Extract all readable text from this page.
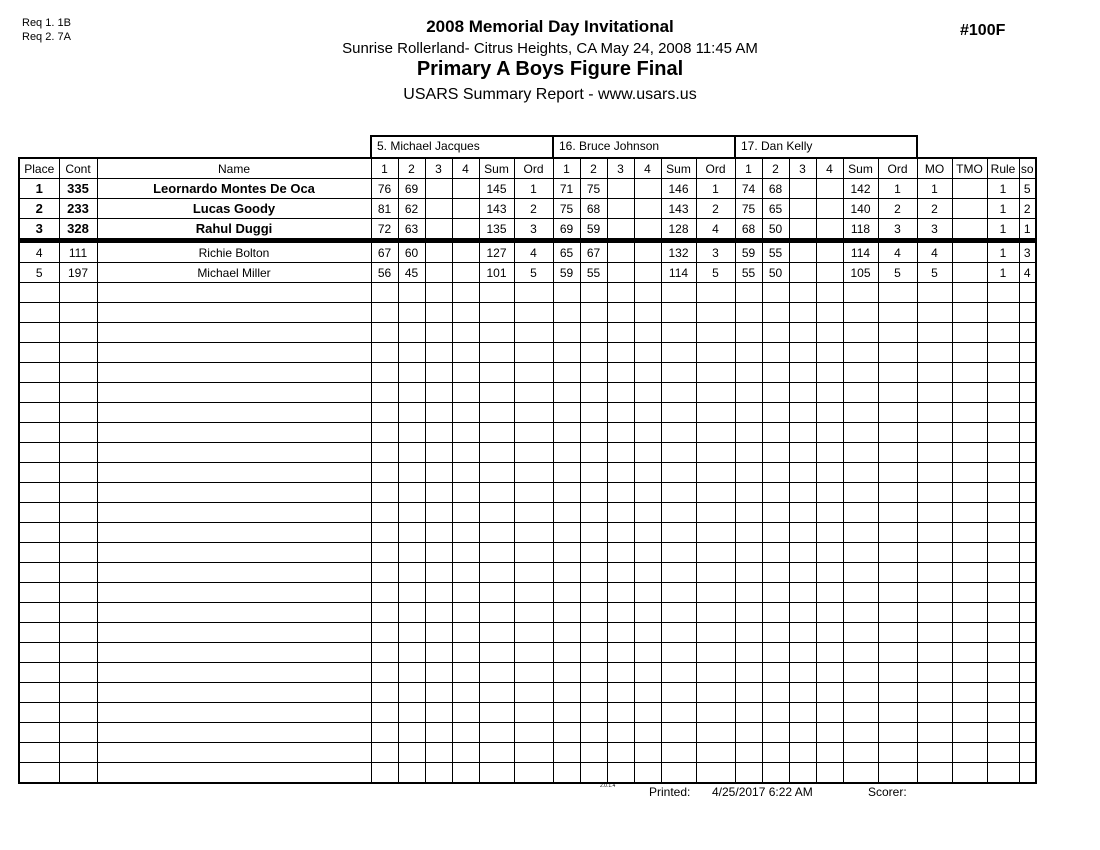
Req 1. 1B
Req 2. 7A
2008 Memorial Day Invitational
Sunrise Rollerland- Citrus Heights, CA May 24, 2008 11:45 AM
Primary A Boys Figure Final
USARS Summary Report - www.usars.us
#100F
5. Michael Jacques	16. Bruce Johnson	17. Dan Kelly
Place	Cont	Name	1	2	3	4	Sum	Ord	1	2	3	4	Sum	Ord	1	2	3	4	Sum	Ord	MO	TMO	Rule	so
1	335	Leornardo Montes De Oca	76	69			145	1	71	75			146	1	74	68			142	1	1		1	5
2	233	Lucas Goody	81	62			143	2	75	68			143	2	75	65			140	2	2		1	2
3	328	Rahul Duggi	72	63			135	3	69	59			128	4	68	50			118	3	3		1	1
4	111	Richie Bolton	67	60			127	4	65	67			132	3	59	55			114	4	4		1	3
5	197	Michael Miller	56	45			101	5	59	55			114	5	55	50			105	5	5		1	4

2.0.1.4	Printed: 4/25/2017 6:22 AM	Scorer:
